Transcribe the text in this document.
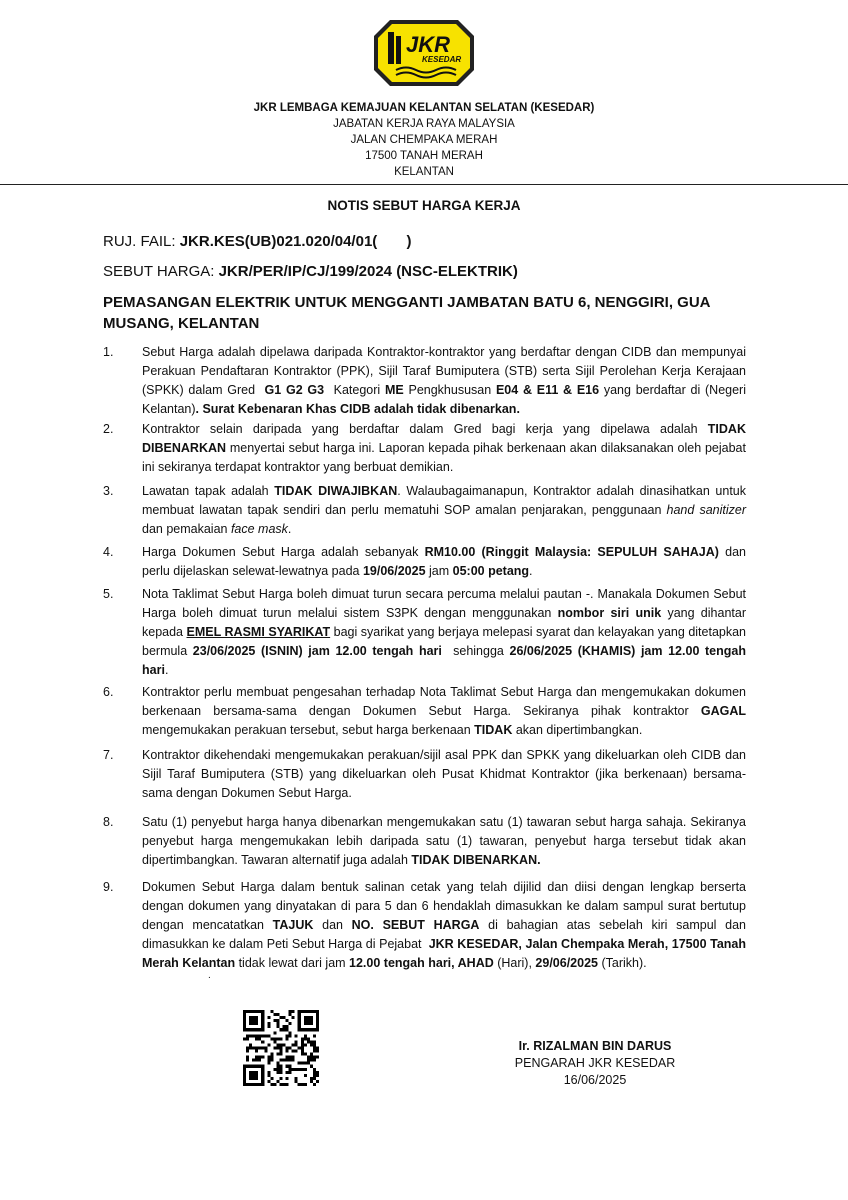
JKR
KESEDAR
JKR LEMBAGA KEMAJUAN KELANTAN SELATAN (KESEDAR)
JABATAN KERJA RAYA MALAYSIA
JALAN CHEMPAKA MERAH
17500 TANAH MERAH
KELANTAN
NOTIS SEBUT HARGA KERJA
RUJ. FAIL: JKR.KES(UB)021.020/04/01(       )
SEBUT HARGA: JKR/PER/IP/CJ/199/2024 (NSC-ELEKTRIK)
PEMASANGAN ELEKTRIK UNTUK MENGGANTI JAMBATAN BATU 6, NENGGIRI, GUA MUSANG, KELANTAN
1. Sebut Harga adalah dipelawa daripada Kontraktor-kontraktor yang berdaftar dengan CIDB dan mempunyai Perakuan Pendaftaran Kontraktor (PPK), Sijil Taraf Bumiputera (STB) serta Sijil Perolehan Kerja Kerajaan (SPKK) dalam Gred  G1 G2 G3  Kategori ME Pengkhususan E04 & E11 & E16 yang berdaftar di (Negeri Kelantan). Surat Kebenaran Khas CIDB adalah tidak dibenarkan.
2. Kontraktor selain daripada yang berdaftar dalam Gred bagi kerja yang dipelawa adalah TIDAK DIBENARKAN menyertai sebut harga ini. Laporan kepada pihak berkenaan akan dilaksanakan oleh pejabat ini sekiranya terdapat kontraktor yang berbuat demikian.
3. Lawatan tapak adalah TIDAK DIWAJIBKAN. Walaubagaimanapun, Kontraktor adalah dinasihatkan untuk membuat lawatan tapak sendiri dan perlu mematuhi SOP amalan penjarakan, penggunaan hand sanitizer dan pemakaian face mask.
4. Harga Dokumen Sebut Harga adalah sebanyak RM10.00 (Ringgit Malaysia: SEPULUH SAHAJA) dan perlu dijelaskan selewat-lewatnya pada 19/06/2025 jam 05:00 petang.
5. Nota Taklimat Sebut Harga boleh dimuat turun secara percuma melalui pautan -. Manakala Dokumen Sebut Harga boleh dimuat turun melalui sistem S3PK dengan menggunakan nombor siri unik yang dihantar kepada EMEL RASMI SYARIKAT bagi syarikat yang berjaya melepasi syarat dan kelayakan yang ditetapkan bermula 23/06/2025 (ISNIN) jam 12.00 tengah hari  sehingga 26/06/2025 (KHAMIS) jam 12.00 tengah hari.
6. Kontraktor perlu membuat pengesahan terhadap Nota Taklimat Sebut Harga dan mengemukakan dokumen berkenaan bersama-sama dengan Dokumen Sebut Harga. Sekiranya pihak kontraktor GAGAL mengemukakan perakuan tersebut, sebut harga berkenaan TIDAK akan dipertimbangkan.
7. Kontraktor dikehendaki mengemukakan perakuan/sijil asal PPK dan SPKK yang dikeluarkan oleh CIDB dan Sijil Taraf Bumiputera (STB) yang dikeluarkan oleh Pusat Khidmat Kontraktor (jika berkenaan) bersama-sama dengan Dokumen Sebut Harga.
8. Satu (1) penyebut harga hanya dibenarkan mengemukakan satu (1) tawaran sebut harga sahaja. Sekiranya penyebut harga mengemukakan lebih daripada satu (1) tawaran, penyebut harga tersebut tidak akan dipertimbangkan. Tawaran alternatif juga adalah TIDAK DIBENARKAN.
9. Dokumen Sebut Harga dalam bentuk salinan cetak yang telah dijilid dan diisi dengan lengkap berserta dengan dokumen yang dinyatakan di para 5 dan 6 hendaklah dimasukkan ke dalam sampul surat bertutup dengan mencatatkan TAJUK dan NO. SEBUT HARGA di bahagian atas sebelah kiri sampul dan dimasukkan ke dalam Peti Sebut Harga di Pejabat  JKR KESEDAR, Jalan Chempaka Merah, 17500 Tanah Merah Kelantan tidak lewat dari jam 12.00 tengah hari, AHAD (Hari), 29/06/2025 (Tarikh).
.
Ir. RIZALMAN BIN DARUS
PENGARAH JKR KESEDAR
16/06/2025
